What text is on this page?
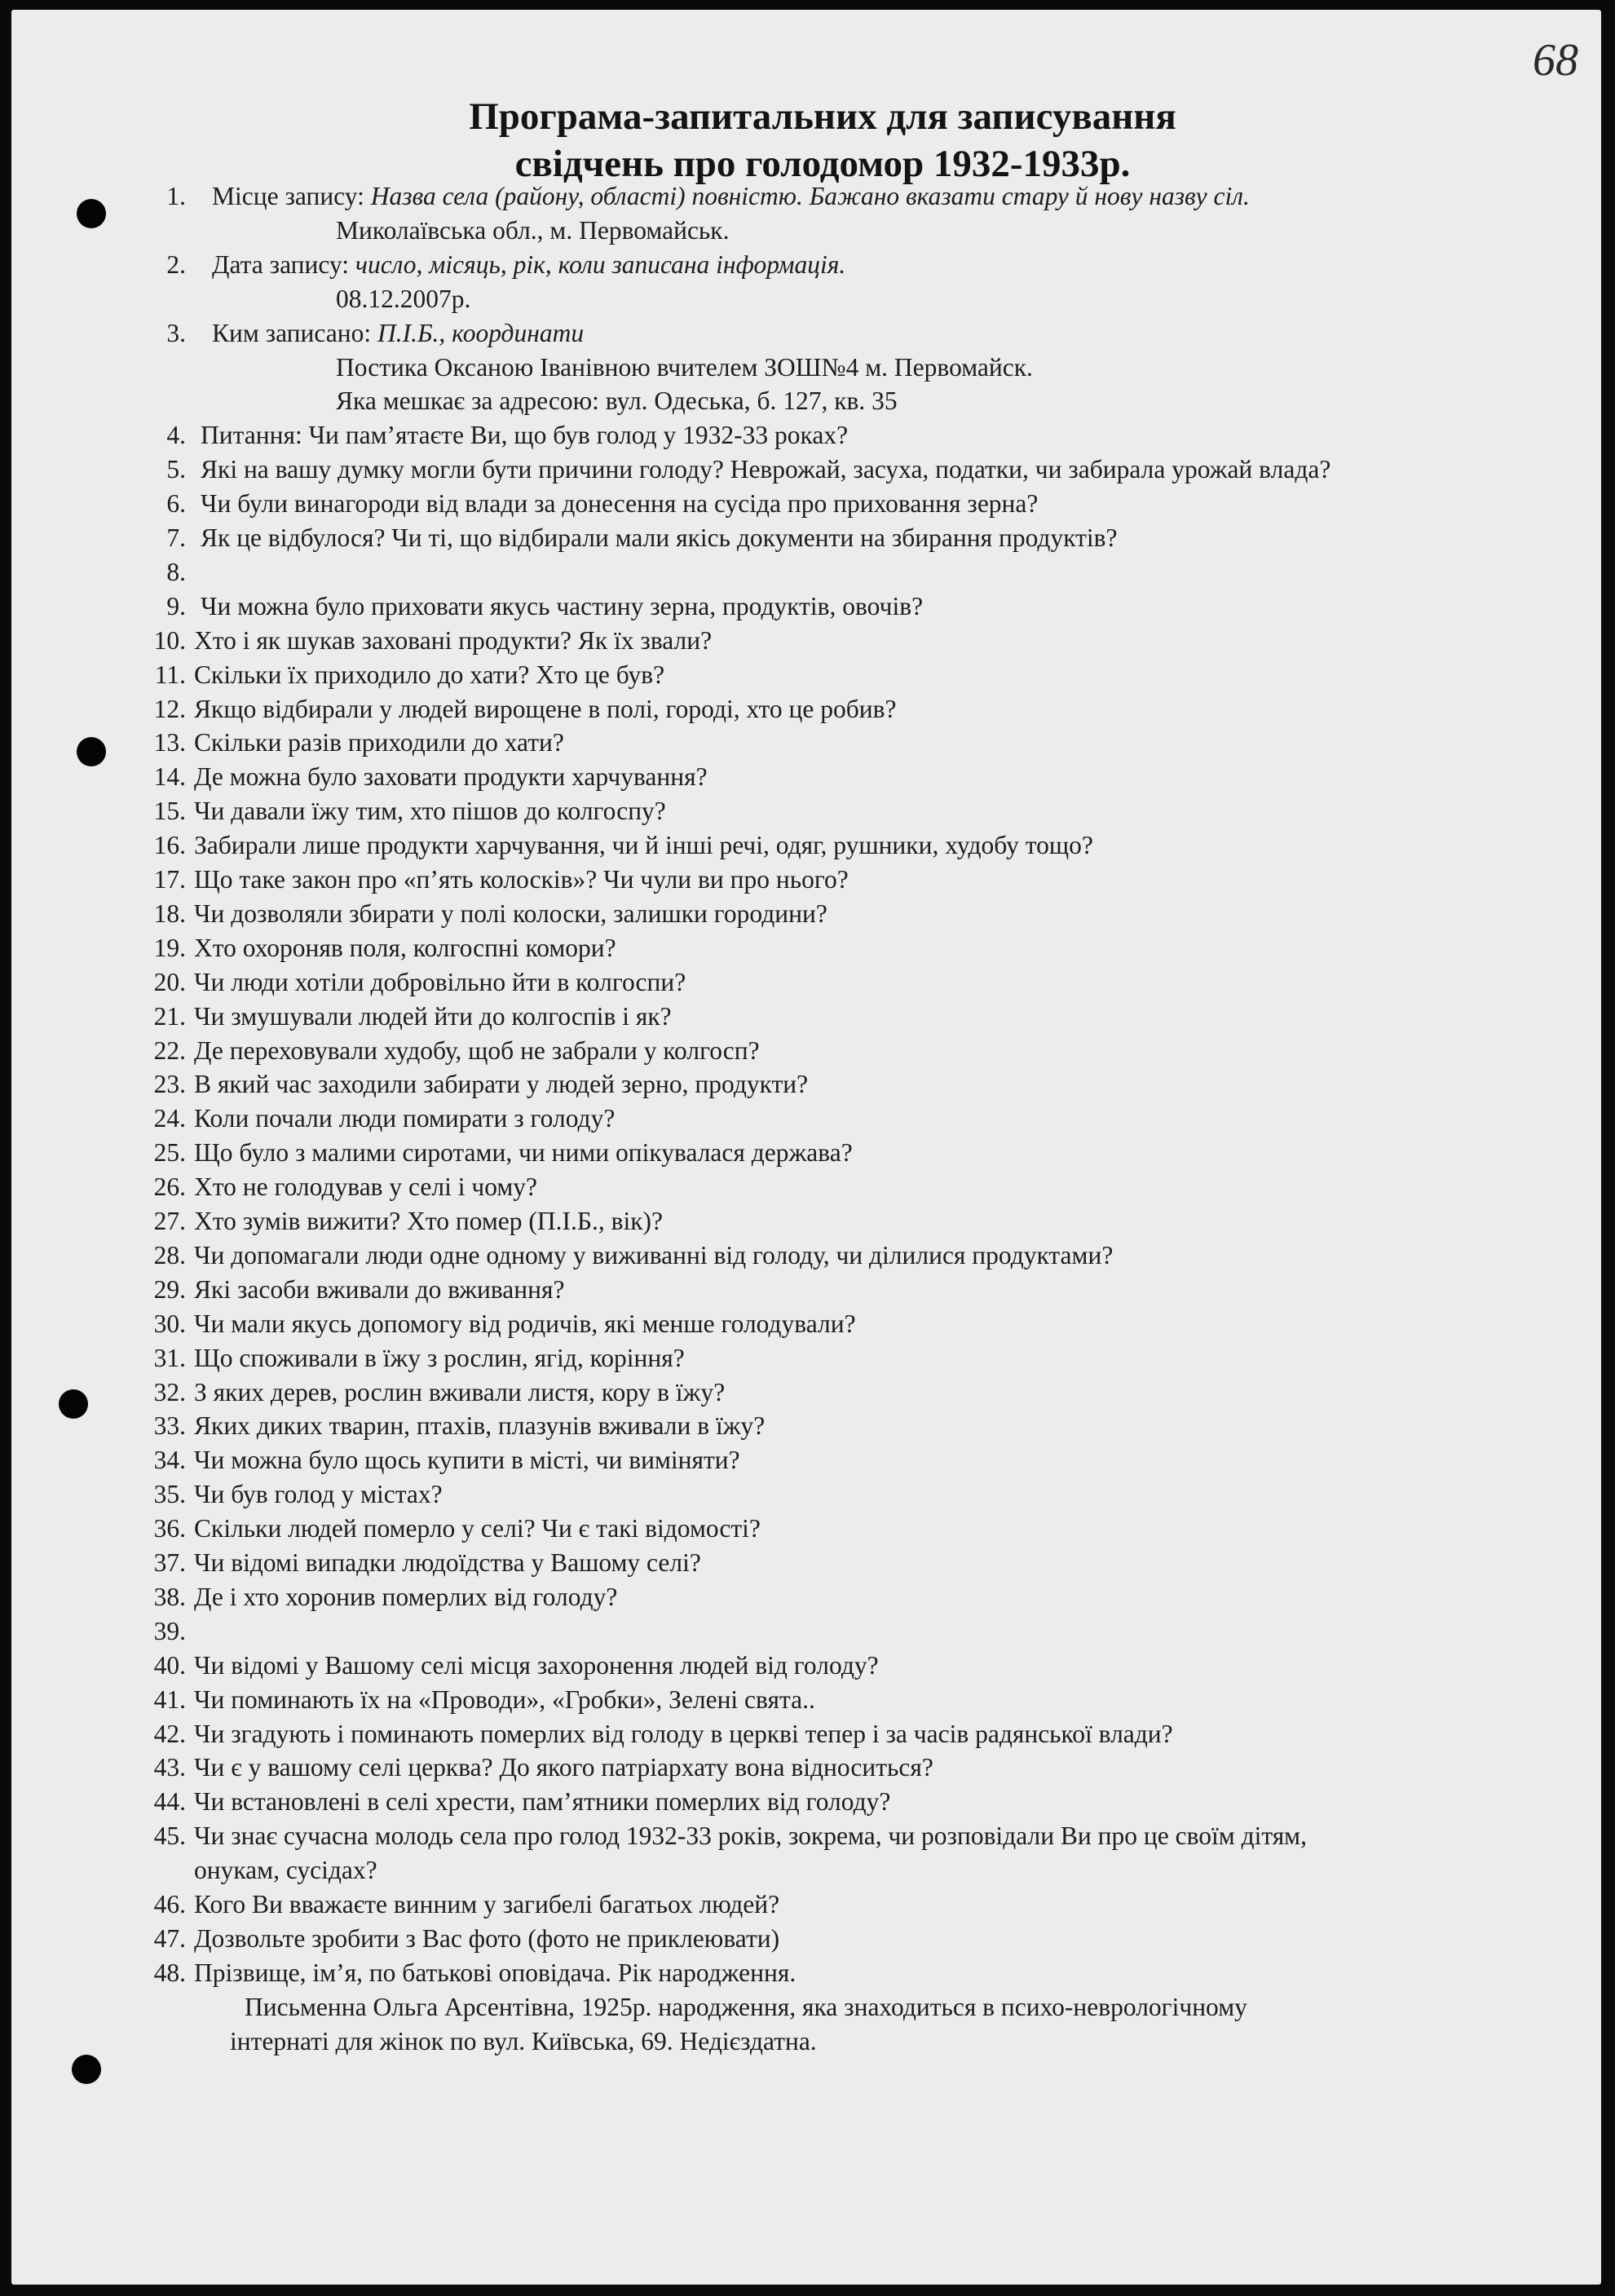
68
Програма-запитальних для записування
свідчень про голодомор 1932-1933р.
1. Місце запису: Назва села (району, області) повністю. Бажано вказати стару й нову назву сіл.
Миколаївська обл., м. Первомайськ.
2. Дата запису: число, місяць, рік, коли записана інформація.
08.12.2007р.
3. Ким записано: П.І.Б., координати
Постика Оксаною Іванівною вчителем ЗОШ№4 м. Первомайск.
Яка мешкає за адресою: вул. Одеська, б. 127, кв. 35
4. Питання: Чи пам’ятаєте Ви, що був голод у 1932-33 роках?
5. Які на вашу думку могли бути причини голоду? Неврожай, засуха, податки, чи забирала урожай влада?
6. Чи були винагороди від влади за донесення на сусіда про приховання зерна?
7. Як це відбулося? Чи ті, що відбирали мали якісь документи на збирання продуктів?
8.
9. Чи можна було приховати якусь частину зерна, продуктів, овочів?
10. Хто і як шукав заховані продукти? Як їх звали?
11. Скільки їх приходило до хати? Хто це був?
12. Якщо відбирали у людей вирощене в полі, городі, хто це робив?
13. Скільки разів приходили до хати?
14. Де можна було заховати продукти харчування?
15. Чи давали їжу тим, хто пішов до колгоспу?
16. Забирали лише продукти харчування, чи й інші речі, одяг, рушники, худобу тощо?
17. Що таке закон про «п’ять колосків»? Чи чули ви про нього?
18. Чи дозволяли збирати у полі колоски, залишки городини?
19. Хто охороняв поля, колгоспні комори?
20. Чи люди хотіли добровільно йти в колгоспи?
21. Чи змушували людей йти до колгоспів і як?
22. Де переховували худобу, щоб не забрали у колгосп?
23. В який час заходили забирати у людей зерно, продукти?
24. Коли почали люди помирати з голоду?
25. Що було з малими сиротами, чи ними опікувалася держава?
26. Хто не голодував у селі і чому?
27. Хто зумів вижити? Хто помер (П.І.Б., вік)?
28. Чи допомагали люди одне одному у виживанні від голоду, чи ділилися продуктами?
29. Які засоби вживали до вживання?
30. Чи мали якусь допомогу від родичів, які менше голодували?
31. Що споживали в їжу з рослин, ягід, коріння?
32. З яких дерев, рослин вживали листя, кору в їжу?
33. Яких диких тварин, птахів, плазунів вживали в їжу?
34. Чи можна було щось купити в місті, чи виміняти?
35. Чи був голод у містах?
36. Скільки людей померло у селі? Чи є такі відомості?
37. Чи відомі випадки людоїдства у Вашому селі?
38. Де і хто хоронив померлих від голоду?
39.
40. Чи відомі у Вашому селі місця захоронення людей від голоду?
41. Чи поминають їх на «Проводи», «Гробки», Зелені свята..
42. Чи згадують і поминають померлих від голоду в церкві тепер і за часів радянської влади?
43. Чи є у вашому селі церква? До якого патріархату вона відноситься?
44. Чи встановлені в селі хрести, пам’ятники померлих від голоду?
45. Чи знає сучасна молодь села про голод 1932-33 років, зокрема, чи розповідали Ви про це своїм дітям,
онукам, сусідах?
46. Кого Ви вважаєте винним у загибелі багатьох людей?
47. Дозвольте зробити з Вас фото (фото не приклеювати)
48. Прізвище, ім’я, по батькові оповідача. Рік народження.
Письменна Ольга Арсентівна, 1925р. народження, яка знаходиться в психо-неврологічному
інтернаті для жінок по вул. Київська, 69. Недієздатна.
